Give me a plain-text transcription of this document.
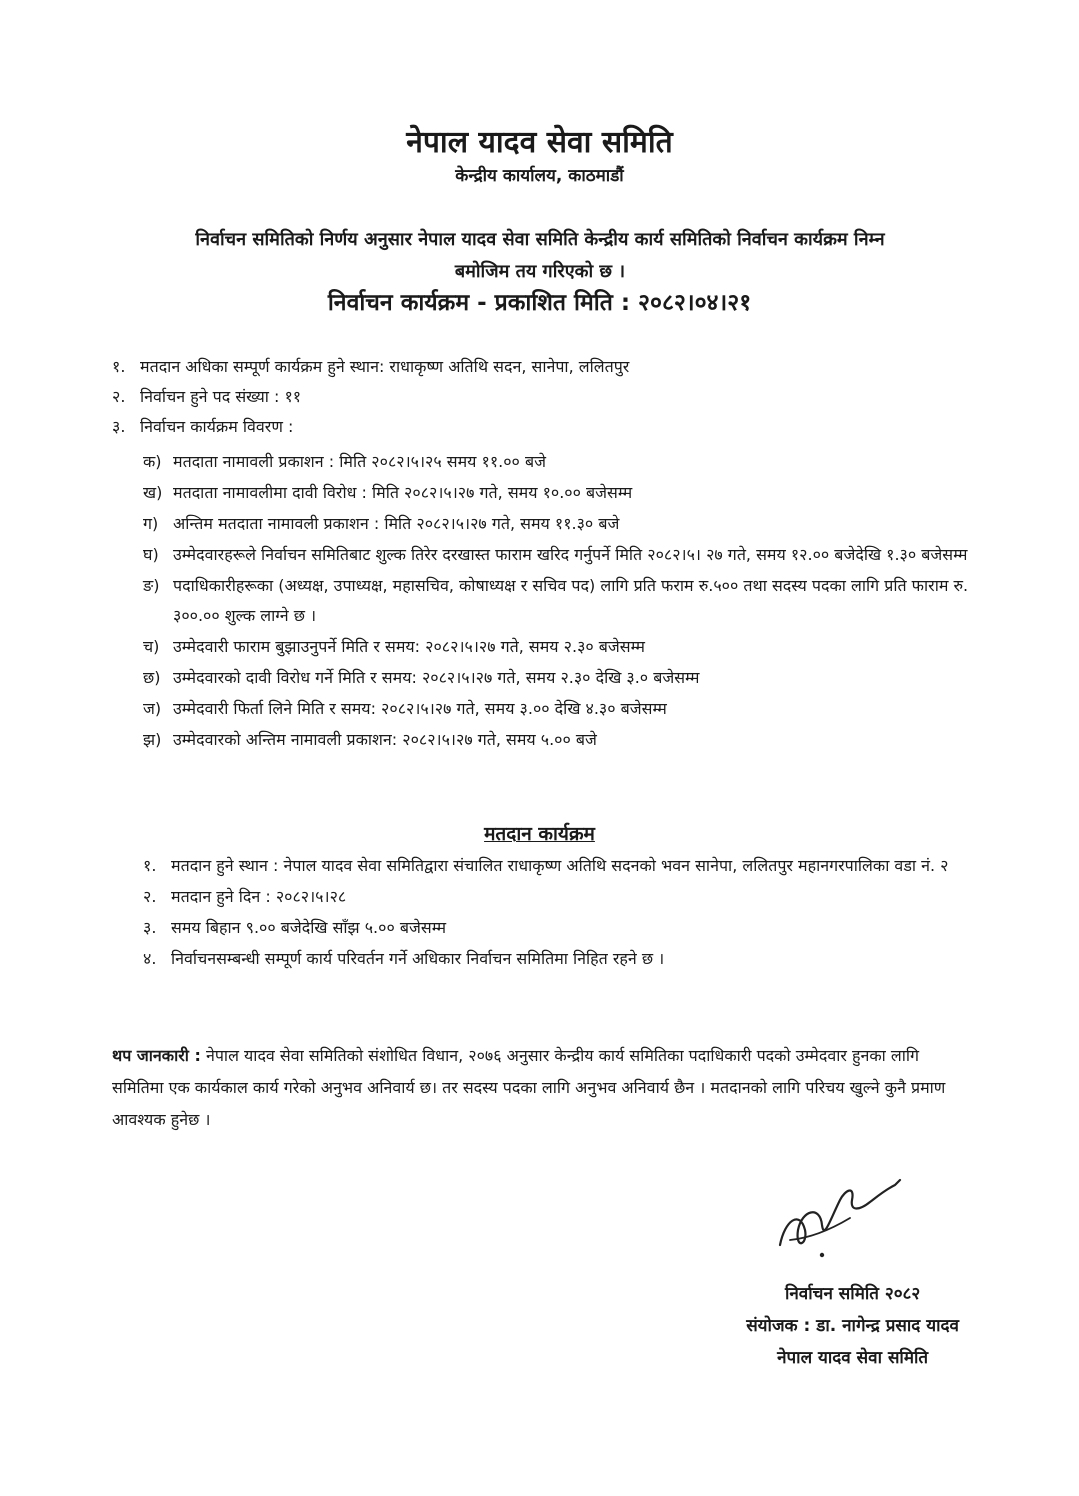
नेपाल यादव सेवा समिति
केन्द्रीय कार्यालय, काठमाडौं
निर्वाचन समितिको निर्णय अनुसार नेपाल यादव सेवा समिति केन्द्रीय कार्य समितिको निर्वाचन कार्यक्रम निम्न
बमोजिम तय गरिएको छ ।
निर्वाचन कार्यक्रम - प्रकाशित मिति : २०८२।०४।२१
१. मतदान अधिका सम्पूर्ण कार्यक्रम हुने स्थान: राधाकृष्ण अतिथि सदन, सानेपा, ललितपुर
२. निर्वाचन हुने पद संख्या : ११
३. निर्वाचन कार्यक्रम विवरण :
क) मतदाता नामावली प्रकाशन : मिति २०८२।५।२५ समय ११.०० बजे
ख) मतदाता नामावलीमा दावी विरोध : मिति २०८२।५।२७ गते, समय १०.०० बजेसम्म
ग) अन्तिम मतदाता नामावली प्रकाशन : मिति २०८२।५।२७ गते, समय ११.३० बजे
घ) उम्मेदवारहरूले निर्वाचन समितिबाट शुल्क तिरेर दरखास्त फाराम खरिद गर्नुपर्ने मिति २०८२।५। २७ गते, समय १२.०० बजेदेखि १.३० बजेसम्म
ङ) पदाधिकारीहरूका (अध्यक्ष, उपाध्यक्ष, महासचिव, कोषाध्यक्ष र सचिव पद) लागि प्रति फराम रु.५०० तथा सदस्य पदका लागि प्रति फाराम रु. ३००.०० शुल्क लाग्ने छ ।
च) उम्मेदवारी फाराम बुझाउनुपर्ने मिति र समय: २०८२।५।२७ गते, समय २.३० बजेसम्म
छ) उम्मेदवारको दावी विरोध गर्ने मिति र समय: २०८२।५।२७ गते, समय २.३० देखि ३.० बजेसम्म
ज) उम्मेदवारी फिर्ता लिने मिति र समय: २०८२।५।२७ गते, समय ३.०० देखि ४.३० बजेसम्म
झ) उम्मेदवारको अन्तिम नामावली प्रकाशन: २०८२।५।२७ गते, समय ५.०० बजे
मतदान कार्यक्रम
१. मतदान हुने स्थान : नेपाल यादव सेवा समितिद्वारा संचालित राधाकृष्ण अतिथि सदनको भवन सानेपा, ललितपुर महानगरपालिका वडा नं. २
२. मतदान हुने दिन : २०८२।५।२८
३. समय बिहान ९.०० बजेदेखि साँझ ५.०० बजेसम्म
४. निर्वाचनसम्बन्धी सम्पूर्ण कार्य परिवर्तन गर्ने अधिकार निर्वाचन समितिमा निहित रहने छ ।
थप जानकारी : नेपाल यादव सेवा समितिको संशोधित विधान, २०७६ अनुसार केन्द्रीय कार्य समितिका पदाधिकारी पदको उम्मेदवार हुनका लागि समितिमा एक कार्यकाल कार्य गरेको अनुभव अनिवार्य छ। तर सदस्य पदका लागि अनुभव अनिवार्य छैन । मतदानको लागि परिचय खुल्ने कुनै प्रमाण आवश्यक हुनेछ ।
निर्वाचन समिति २०८२
संयोजक : डा. नागेन्द्र प्रसाद यादव
नेपाल यादव सेवा समिति
